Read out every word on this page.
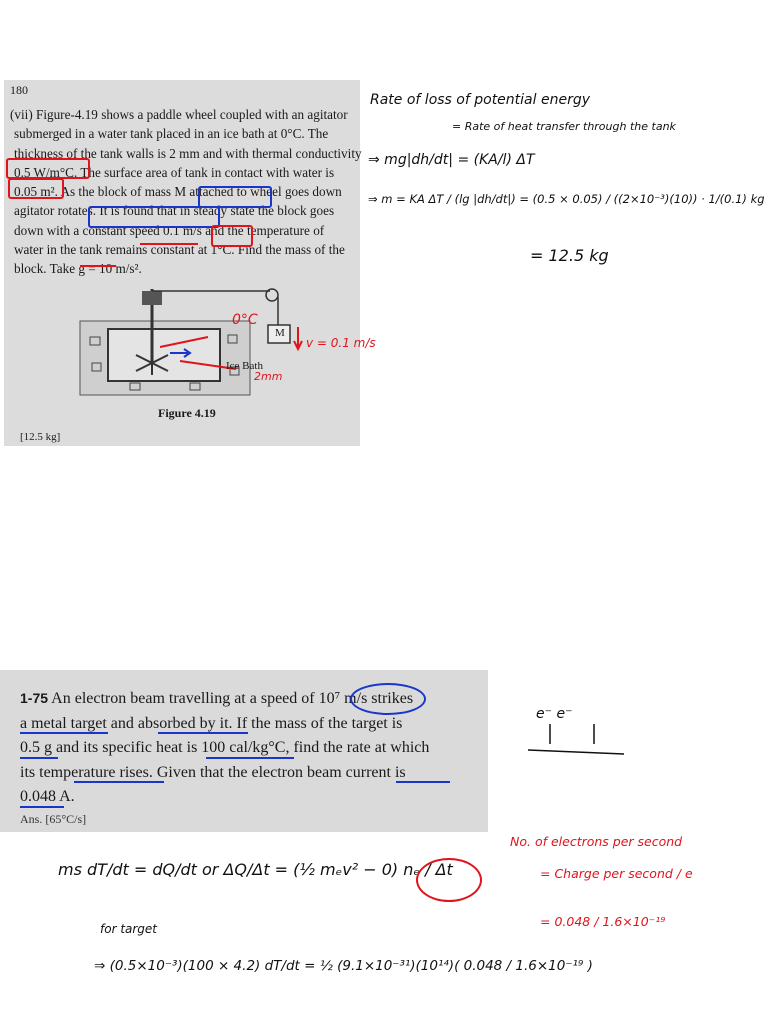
180
(vii) Figure-4.19 shows a paddle wheel coupled with an agitator
submerged in a water tank placed in an ice bath at 0°C. The
thickness of the tank walls is 2 mm and with thermal conductivity
0.5 W/m°C. The surface area of tank in contact with water is
0.05 m². As the block of mass M attached to wheel goes down
agitator rotates. It is found that in steady state the block goes
down with a constant speed 0.1 m/s and the temperature of
water in the tank remains constant at 1°C. Find the mass of the
block. Take g = 10 m/s².
M
Ice Bath
Figure 4.19
[12.5 kg]
0°C
v = 0.1 m/s
2mm
Rate of loss of potential energy
= Rate of heat transfer through the tank
⇒ mg|dh/dt| = (KA/l) ΔT
⇒ m = KA ΔT / (lg |dh/dt|) = (0.5 × 0.05) / ((2×10⁻³)(10)) · 1/(0.1) kg
= 12.5 kg
1-75 An electron beam travelling at a speed of 10⁷ m/s strikes
a metal target and absorbed by it. If the mass of the target is
0.5 g and its specific heat is 100 cal/kg°C, find the rate at which
its temperature rises. Given that the electron beam current is
0.048 A.
Ans. [65°C/s]
e⁻ e⁻
ms dT/dt = dQ/dt or ΔQ/Δt = (½ mₑv² − 0) nₑ / Δt
for target
⇒ (0.5×10⁻³)(100 × 4.2) dT/dt = ½ (9.1×10⁻³¹)(10¹⁴)( 0.048 / 1.6×10⁻¹⁹ )
No. of electrons per second
= Charge per second / e
= 0.048 / 1.6×10⁻¹⁹
